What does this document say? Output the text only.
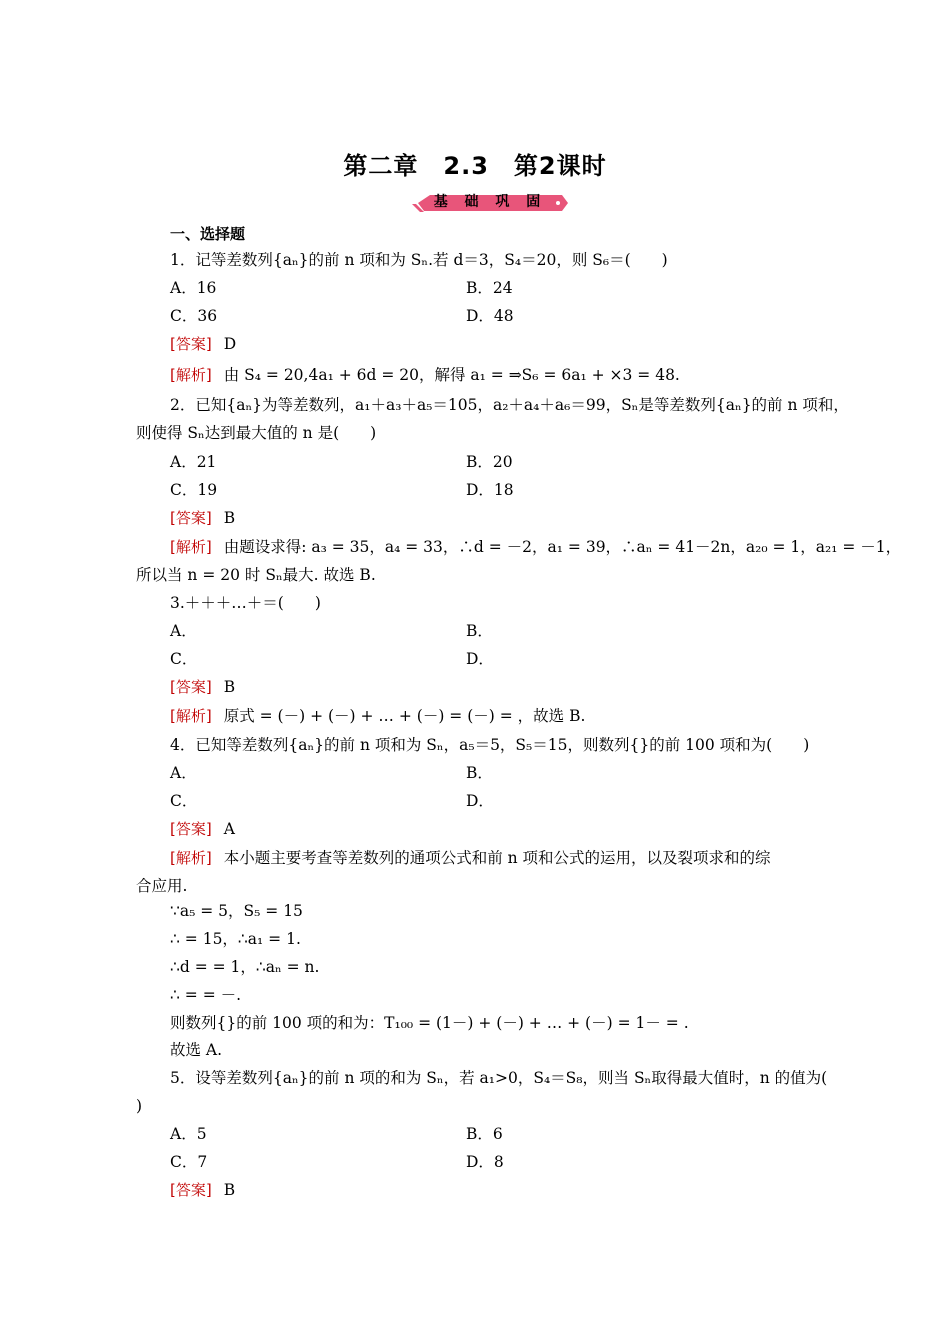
第二章　2.3　第2课时
基 础 巩 固
一、选择题
1．记等差数列{aₙ}的前 n 项和为 Sₙ.若 d＝3，S₄＝20，则 S₆＝(　　)
A．16	B．24
C．36	D．48
[答案] D
[解析] 由 S₄ = 20,4a₁ + 6d = 20，解得 a₁ = ⇒S₆ = 6a₁ + ×3 = 48.
2．已知{aₙ}为等差数列，a₁＋a₃＋a₅＝105，a₂＋a₄＋a₆＝99，Sₙ是等差数列{aₙ}的前 n 项和，
则使得 Sₙ达到最大值的 n 是(　　)
A．21	B．20
C．19	D．18
[答案] B
[解析] 由题设求得: a₃ = 35，a₄ = 33，∴d = －2，a₁ = 39，∴aₙ = 41－2n，a₂₀ = 1，a₂₁ = －1，
所以当 n = 20 时 Sₙ最大. 故选 B.
3.＋＋＋…＋＝(　　)
A．	B．
C．	D．
[答案] B
[解析] 原式 = (－) + (－) + … + (－) = (－) = ，故选 B.
4．已知等差数列{aₙ}的前 n 项和为 Sₙ，a₅＝5，S₅＝15，则数列{}的前 100 项和为(　　)
A．	B．
C．	D．
[答案] A
[解析] 本小题主要考查等差数列的通项公式和前 n 项和公式的运用，以及裂项求和的综
合应用.
∵a₅ = 5，S₅ = 15
∴ = 15，∴a₁ = 1.
∴d = = 1，∴aₙ = n.
∴ = = －.
则数列{}的前 100 项的和为：T₁₀₀ = (1－) + (－) + … + (－) = 1－ = .
故选 A.
5．设等差数列{aₙ}的前 n 项的和为 Sₙ，若 a₁>0，S₄＝S₈，则当 Sₙ取得最大值时，n 的值为(
)
A．5	B．6
C．7	D．8
[答案] B
